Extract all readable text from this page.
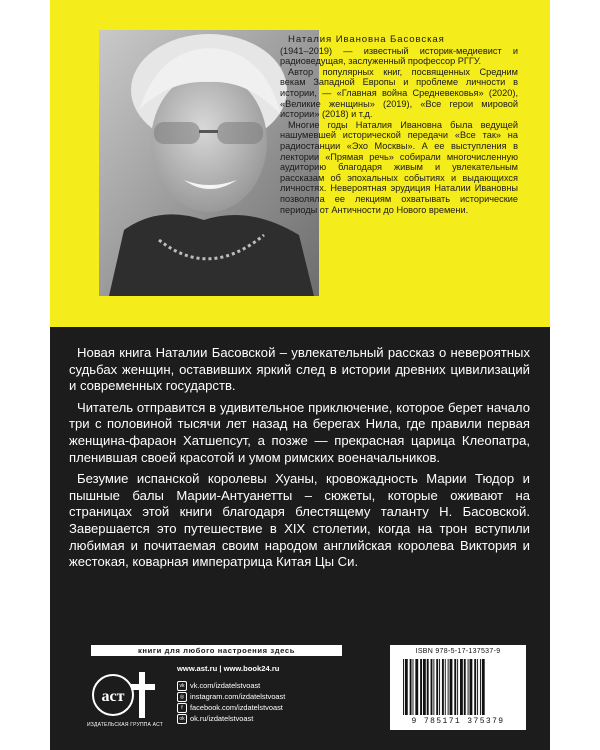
Наталия Ивановна Басовская

(1941–2019) — известный историк-медиевист и радиоведущая, заслуженный профессор РГГУ.

Автор популярных книг, посвященных Средним векам Западной Европы и проблеме личности в истории, — «Главная война Средневековья» (2020), «Великие женщины» (2019), «Все герои мировой истории» (2018) и т.д.

Многие годы Наталия Ивановна была ведущей нашумевшей исторической передачи «Все так» на радиостанции «Эхо Москвы». А ее выступления в лектории «Прямая речь» собирали многочисленную аудиторию благодаря живым и увлекательным рассказам об эпохальных событиях и выдающихся личностях. Невероятная эрудиция Наталии Ивановны позволяла ее лекциям охватывать исторические периоды от Античности до Нового времени.

Новая книга Наталии Басовской – увлекательный рассказ о невероятных судьбах женщин, оставивших яркий след в истории древних цивилизаций и современных государств.

Читатель отправится в удивительное приключение, которое берет начало три с половиной тысячи лет назад на берегах Нила, где правили первая женщина-фараон Хатшепсут, а позже — прекрасная царица Клеопатра, пленившая своей красотой и умом римских военачальников.

Безумие испанской королевы Хуаны, кровожадность Марии Тюдор и пышные балы Марии-Антуанетты – сюжеты, которые оживают на страницах этой книги благодаря блестящему таланту Н. Басовской. Завершается это путешествие в XIX столетии, когда на трон вступили любимая и почитаемая своим народом английская королева Виктория и жестокая, коварная императрица Китая Цы Си.

книги для любого настроения здесь
аст
ИЗДАТЕЛЬСКАЯ ГРУППА АСТ
www.ast.ru | www.book24.ru
vk vk.com/izdatelstvoast
◎ instagram.com/izdatelstvoast
f facebook.com/izdatelstvoast
ok ok.ru/izdatelstvoast
ISBN 978-5-17-137537-9
9 785171 375379
